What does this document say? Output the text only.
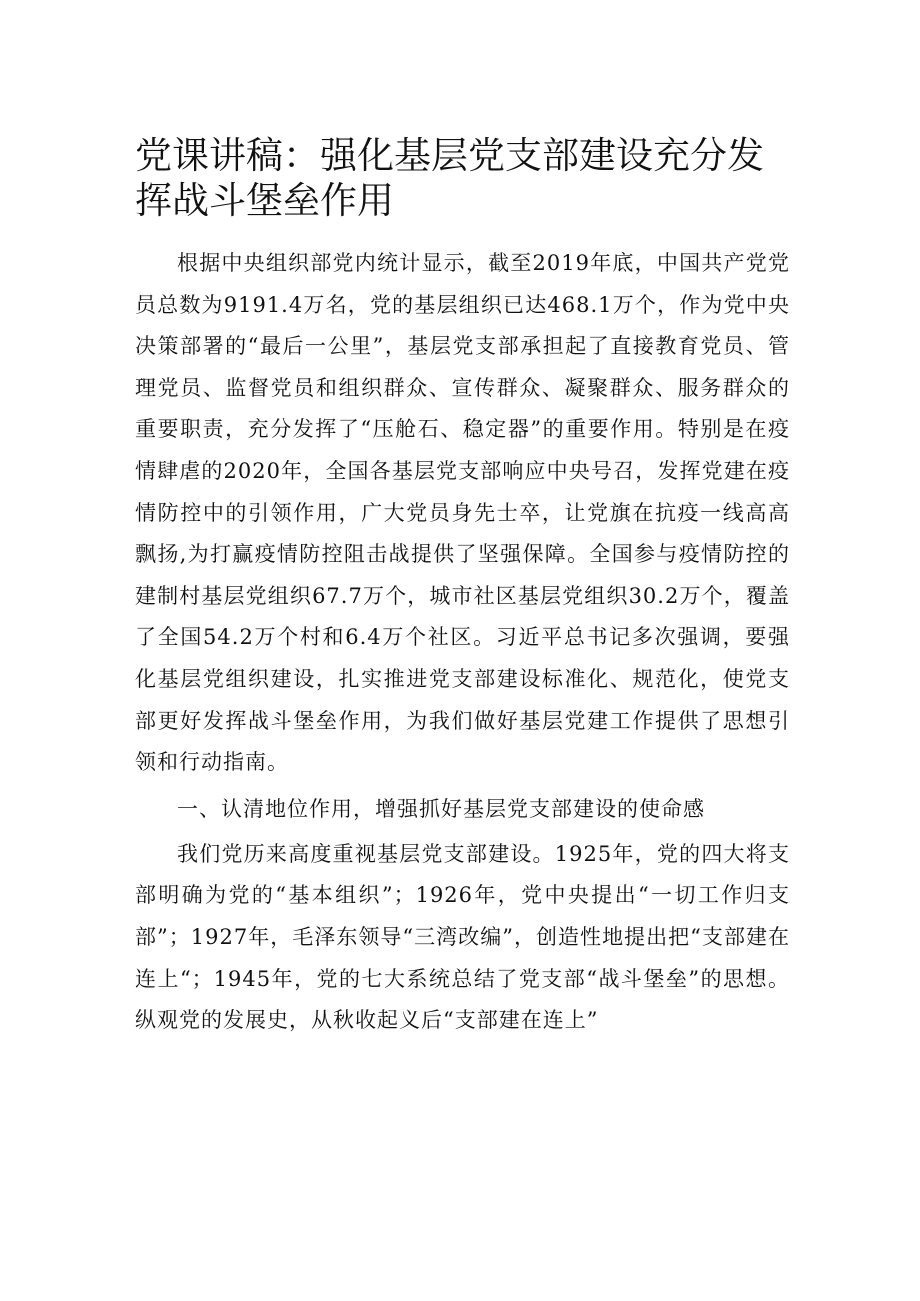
党课讲稿：强化基层党支部建设充分发挥战斗堡垒作用

根据中央组织部党内统计显示，截至2019年底，中国共产党党员总数为9191.4万名，党的基层组织已达468.1万个，作为党中央决策部署的“最后一公里”，基层党支部承担起了直接教育党员、管理党员、监督党员和组织群众、宣传群众、凝聚群众、服务群众的重要职责，充分发挥了“压舱石、稳定器”的重要作用。特别是在疫情肆虐的2020年，全国各基层党支部响应中央号召，发挥党建在疫情防控中的引领作用，广大党员身先士卒，让党旗在抗疫一线高高飘扬,为打赢疫情防控阻击战提供了坚强保障。全国参与疫情防控的建制村基层党组织67.7万个，城市社区基层党组织30.2万个，覆盖了全国54.2万个村和6.4万个社区。习近平总书记多次强调，要强化基层党组织建设，扎实推进党支部建设标准化、规范化，使党支部更好发挥战斗堡垒作用，为我们做好基层党建工作提供了思想引领和行动指南。

一、认清地位作用，增强抓好基层党支部建设的使命感

我们党历来高度重视基层党支部建设。1925年，党的四大将支部明确为党的“基本组织”；1926年，党中央提出“一切工作归支部”；1927年，毛泽东领导“三湾改编”，创造性地提出把“支部建在连上“；1945年，党的七大系统总结了党支部“战斗堡垒”的思想。纵观党的发展史，从秋收起义后“支部建在连上”
